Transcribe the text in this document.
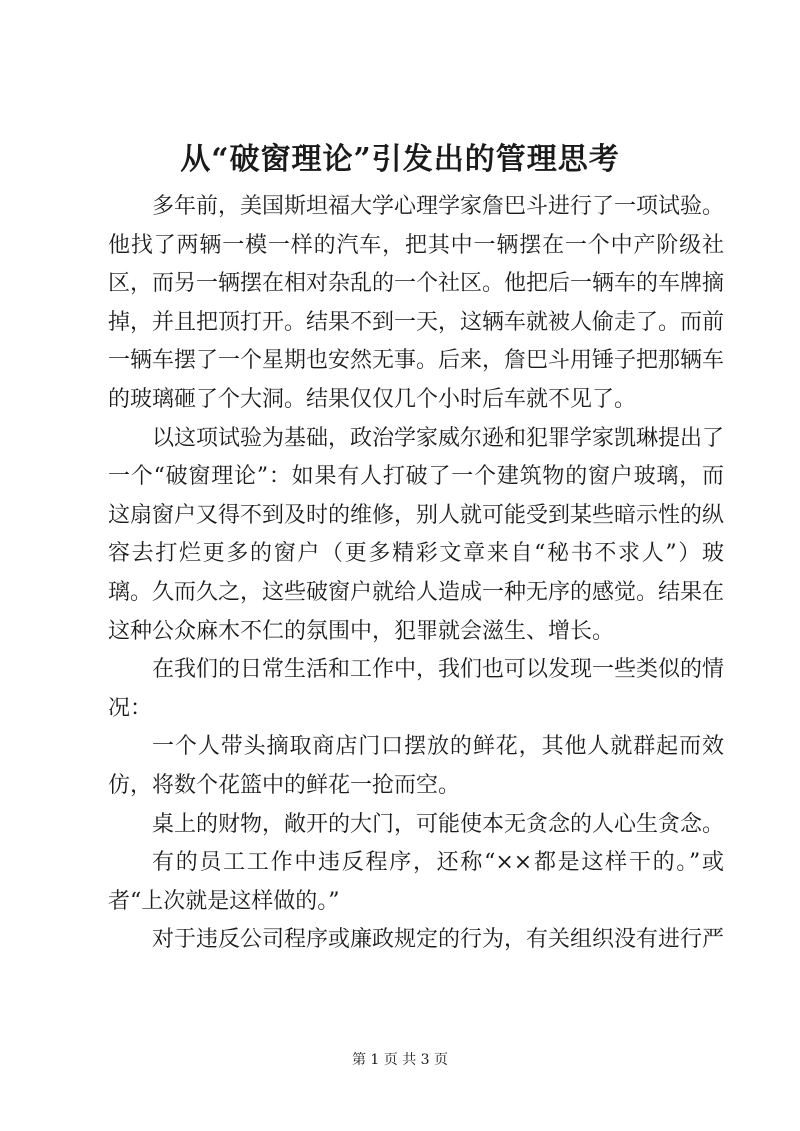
从“破窗理论”引发出的管理思考

多年前，美国斯坦福大学心理学家詹巴斗进行了一项试验。他找了两辆一模一样的汽车，把其中一辆摆在一个中产阶级社区，而另一辆摆在相对杂乱的一个社区。他把后一辆车的车牌摘掉，并且把顶打开。结果不到一天，这辆车就被人偷走了。而前一辆车摆了一个星期也安然无事。后来，詹巴斗用锤子把那辆车的玻璃砸了个大洞。结果仅仅几个小时后车就不见了。

以这项试验为基础，政治学家威尔逊和犯罪学家凯琳提出了一个“破窗理论”：如果有人打破了一个建筑物的窗户玻璃，而这扇窗户又得不到及时的维修，别人就可能受到某些暗示性的纵容去打烂更多的窗户（更多精彩文章来自“秘书不求人”）玻璃。久而久之，这些破窗户就给人造成一种无序的感觉。结果在这种公众麻木不仁的氛围中，犯罪就会滋生、增长。

在我们的日常生活和工作中，我们也可以发现一些类似的情况：

一个人带头摘取商店门口摆放的鲜花，其他人就群起而效仿，将数个花篮中的鲜花一抢而空。

桌上的财物，敞开的大门，可能使本无贪念的人心生贪念。

有的员工工作中违反程序，还称“××都是这样干的。”或者“上次就是这样做的。”

对于违反公司程序或廉政规定的行为，有关组织没有进行严

第 1 页 共 3 页
